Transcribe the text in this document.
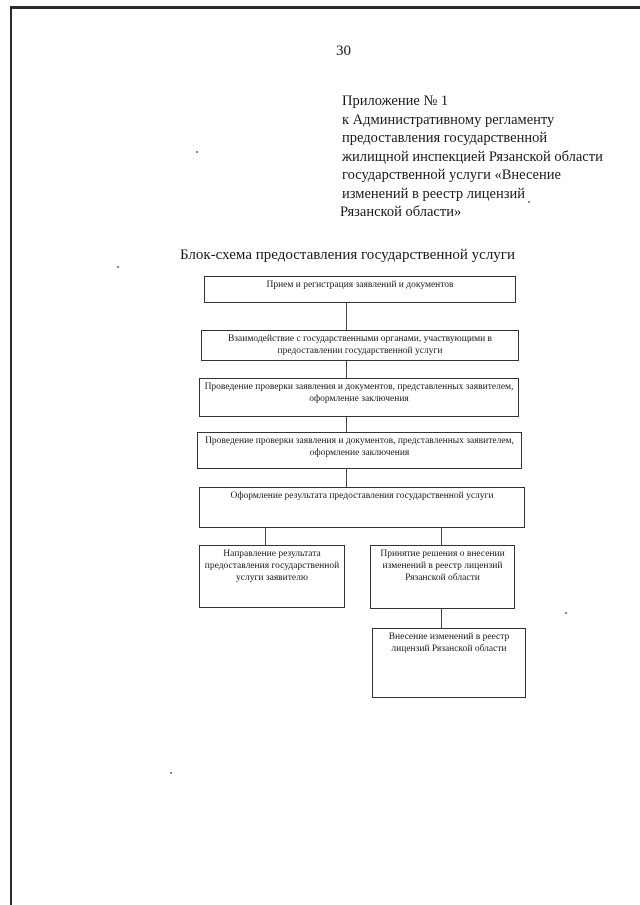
30
Приложение № 1
к Административному регламенту
предоставления государственной
жилищной инспекцией Рязанской области
государственной услуги «Внесение
изменений в реестр лицензий
Рязанской области»
Блок-схема предоставления государственной услуги
Прием и регистрация заявлений и документов
Взаимодействие с государственными органами, участвующими в
предоставлении государственной услуги
Проведение проверки заявления и документов, представленных заявителем,
оформление заключения
Проведение проверки заявления и документов, представленных заявителем,
оформление заключения
Оформление результата предоставления государственной услуги
Направление результата
предоставления государственной
услуги заявителю
Принятие решения о внесении
изменений в реестр лицензий
Рязанской области
Внесение изменений в реестр
лицензий Рязанской области
